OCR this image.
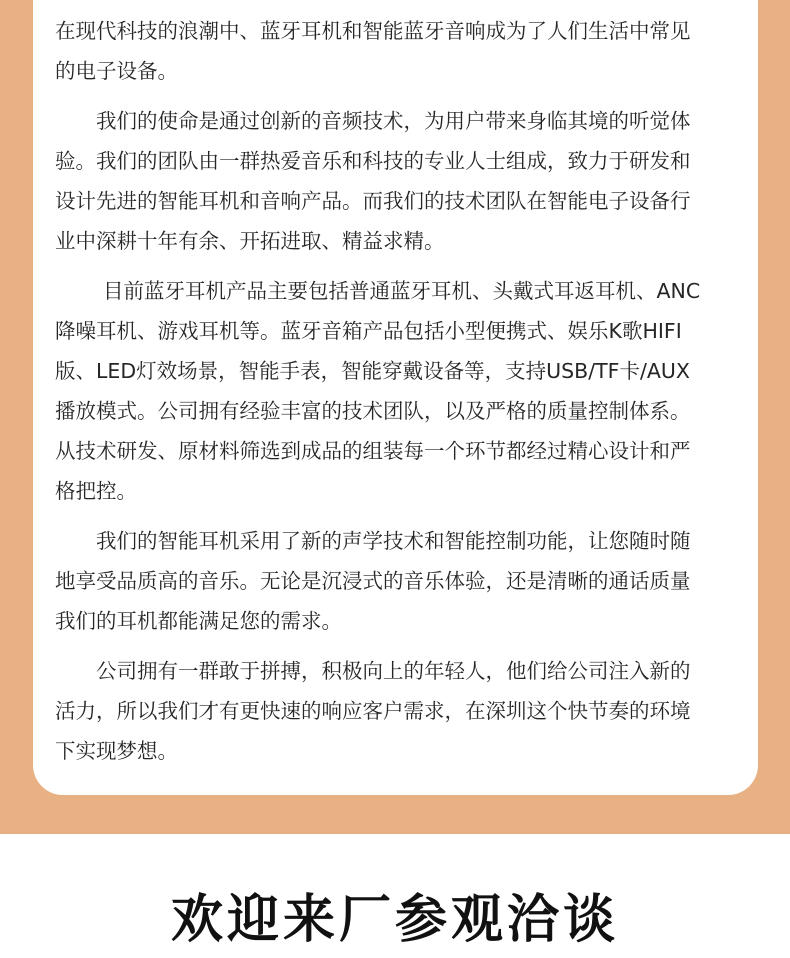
在现代科技的浪潮中、蓝牙耳机和智能蓝牙音响成为了人们生活中常见
的电子设备。
我们的使命是通过创新的音频技术，为用户带来身临其境的听觉体
验。我们的团队由一群热爱音乐和科技的专业人士组成，致力于研发和
设计先进的智能耳机和音响产品。而我们的技术团队在智能电子设备行
业中深耕十年有余、开拓进取、精益求精。
目前蓝牙耳机产品主要包括普通蓝牙耳机、头戴式耳返耳机、ANC
降噪耳机、游戏耳机等。蓝牙音箱产品包括小型便携式、娱乐K歌HIFI
版、LED灯效场景，智能手表，智能穿戴设备等，支持USB/TF卡/AUX
播放模式。公司拥有经验丰富的技术团队，以及严格的质量控制体系。
从技术研发、原材料筛选到成品的组装每一个环节都经过精心设计和严
格把控。
我们的智能耳机采用了新的声学技术和智能控制功能，让您随时随
地享受品质高的音乐。无论是沉浸式的音乐体验，还是清晰的通话质量
我们的耳机都能满足您的需求。
公司拥有一群敢于拼搏，积极向上的年轻人，他们给公司注入新的
活力，所以我们才有更快速的响应客户需求，在深圳这个快节奏的环境
下实现梦想。
欢迎来厂参观洽谈
